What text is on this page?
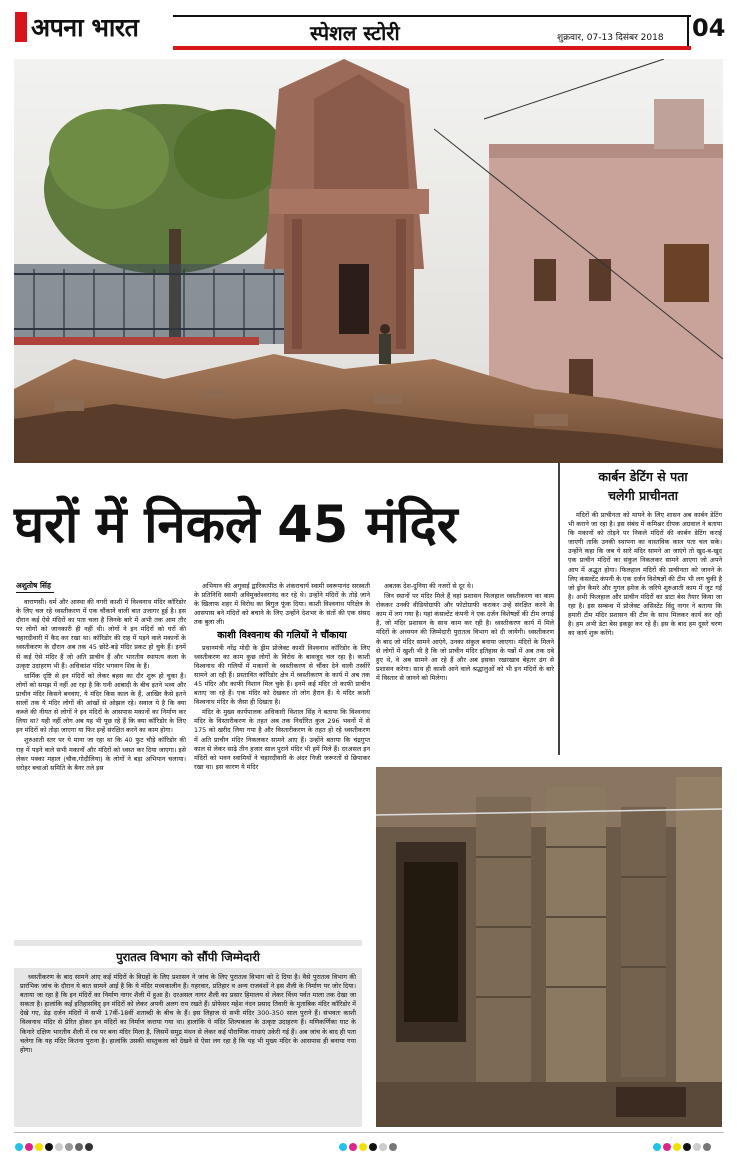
अपना भारत	स्पेशल स्टोरी	शुक्रवार, 07-13 दिसंबर 2018 04
कार्बन डेटिंग से पता
चलेगी प्राचीनता

मंदिरों की प्राचीनता को मापने के लिए शासन अब कार्बन डेटिंग भी कराने जा रहा है। इस संबंध में कमिश्नर दीपक अग्रवाल ने बताया कि मकानों को तोड़ने पर निकले मंदिरों की कार्बन डेटिंग कराई जाएगी ताकि उनकी स्थापना का वास्तविक काल पता चल सके। उन्होंने कहा कि जब ये सारे मंदिर सामने आ जाएंगे तो खुद-ब-खुद एक प्राचीन मंदिरों का संकुल निकलकर सामने आएगा जो अपने आप में अद्भुत होगा। फिलहाल मंदिरों की प्राचीनता को जानने के लिए कंसल्टेंट कंपनी के एक दर्जन विशेषज्ञों की टीम भी लग चुकी है जो ड्रोन कैमरे और गुगल इमेज के जरिये शुरुआती काम में जुट गई है। अभी फिलहाल और प्राचीन मंदिरों का डाटा बेस तैयार किया जा रहा है। इस सम्बन्ध में प्रोजेक्ट असिस्टेंट विंदु नागर ने बताया कि हमारी टीम मंदिर प्रशासन की टीम के साथ मिलकर कार्य कर रही है। हम अभी डेटा बेस इकठ्ठा कर रहे हैं। इस के बाद हम दूसरे चरण का कार्य शुरू करेंगे।

घरों में निकले 45 मंदिर
अशुतोष सिंह

वाराणसी। धर्म और आस्था की नगरी काशी में विश्वनाथ मंदिर कॉरिडोर के लिए चल रहे ध्वस्तीकरण में एक चौंकाने वाली बात उजागर हुई है। इस दौरान कई ऐसे मंदिरों का पता चला है जिनके बारे में अभी तक आम तौर पर लोगों को जानकारी ही नहीं थी। लोगों ने इन मंदिरों को घरों की चहारदीवारी में कैद कर रखा था। कॉरिडोर की राह में पड़ने वाले मकानों के ध्वस्तीकरण के दौरान अब तक 45 छोटे-बड़े मंदिर प्रकट हो चुके हैं। इनमें से कई ऐसे मंदिर हैं जो अति प्राचीन हैं और भारतीय स्थापत्य कला के उत्कृष्ट उदाहरण भी हैं। अधिकांश मंदिर भगवान शिव के हैं।

धार्मिक दृष्टि से इन मंदिरों को लेकर बहस का दौर शुरू हो चुका है। लोगों को समझ में नहीं आ रहा है कि घनी आबादी के बीच इतने भव्य और प्राचीन मंदिर किसने बनवाए, ये मंदिर किस काल के हैं, आखिर कैसे इतने सालों तक ये मंदिर लोगों की आंखों से ओझल रहे। सवाल ये है कि क्या कब्जे की नीयत से लोगों ने इन मंदिरों के आसपास मकानों का निर्माण कर लिया था? यही नहीं लोग अब यह भी पूछ रहे हैं कि क्या कॉरिडोर के लिए इन मंदिरों को तोड़ा जाएगा या फिर इन्हें संरक्षित करने का काम होगा।

शुरुआती स्तर पर ये माना जा रहा था कि 40 फुट चौड़े कॉरिडोर की राह में पड़ने वाले सभी मकानों और मंदिरों को ध्वस्त कर दिया जाएगा। इसे लेकर पक्का महाल (चौक,गोदौलिया) के लोगों ने बड़ा अभियान चलाया। धरोहर बचाओ समिति के बैनर तले इस

अभियान की अगुवाई द्वारिकापीठ के शंकराचार्य स्वामी स्वरूपानंद सरस्वती के प्रतिनिधि स्वामी अविमुक्तेश्वरानंद कर रहे थे। उन्होंने मंदिरों के तोड़े जाने के खिलाफ शहर में विरोध का बिगुल फूंक दिया। काशी विश्वनाथ परिक्षेत्र के आसपास बने मंदिरों को बचाने के लिए उन्होंने देशभर के संतों की एक संसद तक बुला ली।

काशी विश्वनाथ की गलियों ने चौंकाया

प्रधानमंत्री नरेंद्र मोदी के ड्रीम प्रोजेक्ट काशी विश्वनाथ कॉरिडोर के लिए ध्वस्तीकरण का काम कुछ लोगों के विरोध के बावजूद चल रहा है। काशी विश्वनाथ की गलियों में मकानों के ध्वस्तीकरण से चौंका देने वाली तस्वीरें सामने आ रही हैं। प्रस्तावित कॉरिडोर क्षेत्र में ध्वस्तीकरण के कार्य में अब तक 45 मंदिर और काफी निशान मिल चुके हैं। इनमें कई मंदिर तो काफी प्राचीन बताए जा रहे हैं। एक मंदिर को देखकर तो लोग हैरान हैं। ये मंदिर काशी विश्वनाथ मंदिर के जैसा ही दिखता है।

मंदिर के मुख्य कार्यपालक अधिकारी विशाल सिंह ने बताया कि विश्वनाथ मंदिर के विस्तारीकरण के तहत अब तक निर्धारित कुल 296 भवनों में से 175 को खरीद लिया गया है और विस्तारीकरण के तहत हो रहे ध्वस्तीकरण में अति प्राचीन मंदिर निकलकर सामने आए हैं। उन्होंने बताया कि चंद्रगुप्त काल से लेकर साढ़े तीन हजार साल पुराने मंदिर भी हमें मिले हैं। दरअसल इन मंदिरों को भवन स्वामियों ने चहारदीवारी के अंदर निजी जरूरतों से छिपाकर रखा था। इस कारण ये मंदिर

अबतक देश-दुनिया की नजरों से दूर थे।

जिन स्थानों पर मंदिर मिले हैं वहां प्रशासन फिलहाल ध्वस्तीकरण का काम रोककर उनकी वीडियोग्राफी और फोटोग्राफी कराकर उन्हें संरक्षित करने के काम में लग गया है। यहां कंसल्टेंट कंपनी ने एक दर्जन विशेषज्ञों की टीम लगाई है, जो मंदिर प्रशासन के साथ काम कर रही है। ध्वस्तीकरण कार्य में मिले मंदिरों के अध्ययन की जिम्मेदारी पुरातत्व विभाग को दी जायेगी। ध्वस्तीकरण के बाद जो मंदिर सामने आएंगे, उनका संकुल बनाया जाएगा। मंदिरों के मिलने से लोगों में खुशी भी है कि जो प्राचीन मंदिर इतिहास के पन्नों में अब तक दबे हुए थे, वे अब सामने आ रहे हैं और अब इसका रखरखाव बेहतर ढंग से प्रशासन करेगा। साथ ही काशी आने वाले श्रद्धालुओं को भी इन मंदिरों के बारे में विस्तार से जानने को मिलेगा।

पुरातत्व विभाग को सौंपी जिम्मेदारी

ध्वस्तीकरण के बाद सामने आए कई मंदिरों के विग्रहों के लिए प्रशासन ने जांच के लिए पुरातत्व विभाग को दे दिया है। वैसे पुरातत्व विभाग की प्रारंभिक जांच के दौरान ये बात सामने आई है कि ये मंदिर मध्यकालीन हैं। गहरवार, प्रतिहार व अन्य राजवंशों ने इस शैली के निर्माण पर जोर दिया। बताया जा रहा है कि इन मंदिरों का निर्माण नागर शैली में हुआ है। दरअसल नागर शैली का प्रसार हिमालय से लेकर विंध्य पर्वत माला तक देखा जा सकता है। हालांकि कई इतिहासविद् इन मंदिरों को लेकर अपनी अलग राय रखते हैं। प्रोफेसर महेश नंदन प्रसाद तिवारी के मुताबिक मंदिर कॉरिडोर में देखे गए, डेढ़ दर्जन मंदिरों में सभी 17वीं-18वीं शताब्दी के बीच के हैं। इस लिहाज से सभी मंदिर 300-350 साल पुराने हैं। संभवतः काशी विश्वनाथ मंदिर से प्रेरित होकर इन मंदिरों का निर्माण कराया गया था। हालांकि ये मंदिर शिल्पकला के उत्कृष्ट उदाहरण हैं। मणिकर्णिका घाट के किनारे दक्षिण भारतीय शैली में रथ पर बना मंदिर मिला है, जिसमें समुद्र मंथन से लेकर कई पौराणिक गाथाएं उकेरी गई हैं। अब जांच के बाद ही पता चलेगा कि यह मंदिर कितना पुराना है। हालांकि उसकी वास्तुकला को देखने से ऐसा लग रहा है कि यह भी मुख्य मंदिर के आसपास ही बनाया गया होगा।
